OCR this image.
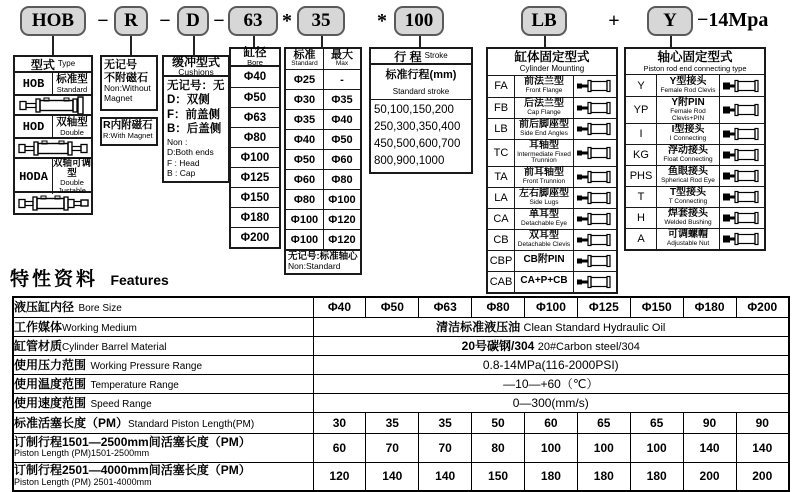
HOB	− R	− D − 63 *	35	* 100	LB	+	Y	−14Mpa
型式 Type
HOB	标准型
Standard
HOD	双轴型
Double
HODA
双轴可调型
Double Justable
无记号
不附磁石
Non:Without
Magnet
R内附磁石
R:With Magnet
缓冲型式
Cushions
无记号：无
D：双侧
F：前盖侧
B：后盖侧
Non :
D:Both ends
F : Head
B : Cap
缸径
Bore
Φ40
Φ50
Φ63
Φ80
Φ100
Φ125
Φ150
Φ180
Φ200
标准
Standard
最大
Max
Φ25	-
Φ30	Φ35
Φ35	Φ40
Φ40	Φ50
Φ50	Φ60
Φ60	Φ80
Φ80	Φ100
Φ100 Φ120
Φ100 Φ120
无记号:标准轴心
Non:Standard
行 程 Stroke
标准行程(mm)
Standard stroke
50,100,150,200
250,300,350,400
450,500,600,700
800,900,1000
缸体固定型式
Cylinder Mounting
FA	前法兰型
Front Flange
FB	后法兰型
Cap Flange
LB	前后脚座型
Side End Angles
TC
耳轴型
Intermediate Fixed Trunnion
TA	前耳轴型
Front Trunnion
LA	左右脚座型
Side Lugs
CA	单耳型
Detachable Eye
CB	双耳型
Detachable Clevis
CBP CB附PIN
CAB CA+P+CB
轴心固定型式
Piston rod end connecting type
Y	Y型接头
Female Rod Clevis
YP
Y附PIN
Female Rod Clevis+PIN
I	I型接头
I Connecting
KG	浮动接头
Float Connecting
PHS	鱼眼接头
Spherical Rod Eye
T	T型接头
T Connecting
H	焊套接头
Welded Bushing
A	可调螺帽
Adjustable Nut
特性资料 Features
液压缸内径 Bore Size	Φ40	Φ50	Φ63	Φ80	Φ100	Φ125	Φ150	Φ180	Φ200
工作媒体Working Medium	清洁标准液压油 Clean Standard Hydraulic Oil								
缸管材质Cylinder Barrel Material	20号碳钢/304 20#Carbon steel/304								
使用压力范围 Working Pressure Range	0.8-14MPa(116-2000PSI)								
使用温度范围 Temperature Range	—10—+60（℃）								
使用速度范围 Speed Range	0—300(mm/s)								
标准活塞长度（PM）Standard Piston Length(PM)	30	35	35	50	60	65	65	90	90

订制行程1501—2500mm间活塞长度（PM）
Piston Length (PM)1501-2500mm	60	70	70	80	100	100	100	140	140

订制行程2501—4000mm间活塞长度（PM）
Piston Length (PM) 2501-4000mm	120	140	140	150	180	180	180	200	200
